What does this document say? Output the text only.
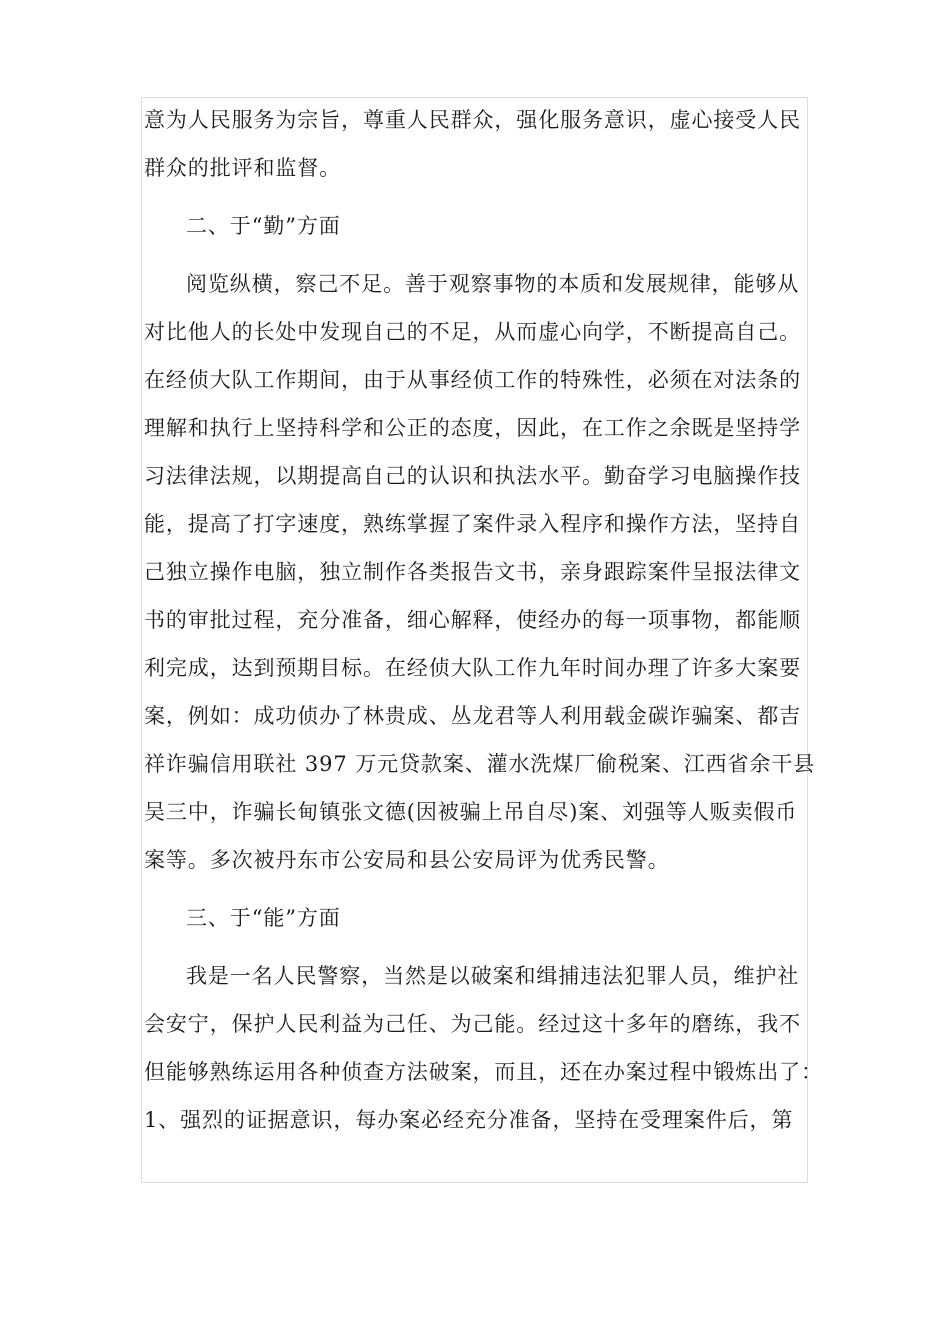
意为人民服务为宗旨，尊重人民群众，强化服务意识，虚心接受人民
群众的批评和监督。
二、于“勤”方面
阅览纵横，察己不足。善于观察事物的本质和发展规律，能够从
对比他人的长处中发现自己的不足，从而虚心向学，不断提高自己。
在经侦大队工作期间，由于从事经侦工作的特殊性，必须在对法条的
理解和执行上坚持科学和公正的态度，因此，在工作之余既是坚持学
习法律法规，以期提高自己的认识和执法水平。勤奋学习电脑操作技
能，提高了打字速度，熟练掌握了案件录入程序和操作方法，坚持自
己独立操作电脑，独立制作各类报告文书，亲身跟踪案件呈报法律文
书的审批过程，充分准备，细心解释，使经办的每一项事物，都能顺
利完成，达到预期目标。在经侦大队工作九年时间办理了许多大案要
案，例如：成功侦办了林贵成、丛龙君等人利用载金碳诈骗案、都吉
祥诈骗信用联社 397 万元贷款案、灌水洗煤厂偷税案、江西省余干县
吴三中，诈骗长甸镇张文德(因被骗上吊自尽)案、刘强等人贩卖假币
案等。多次被丹东市公安局和县公安局评为优秀民警。
三、于“能”方面
我是一名人民警察，当然是以破案和缉捕违法犯罪人员，维护社
会安宁，保护人民利益为己任、为己能。经过这十多年的磨练，我不
但能够熟练运用各种侦查方法破案，而且，还在办案过程中锻炼出了：
1、强烈的证据意识，每办案必经充分准备，坚持在受理案件后，第
